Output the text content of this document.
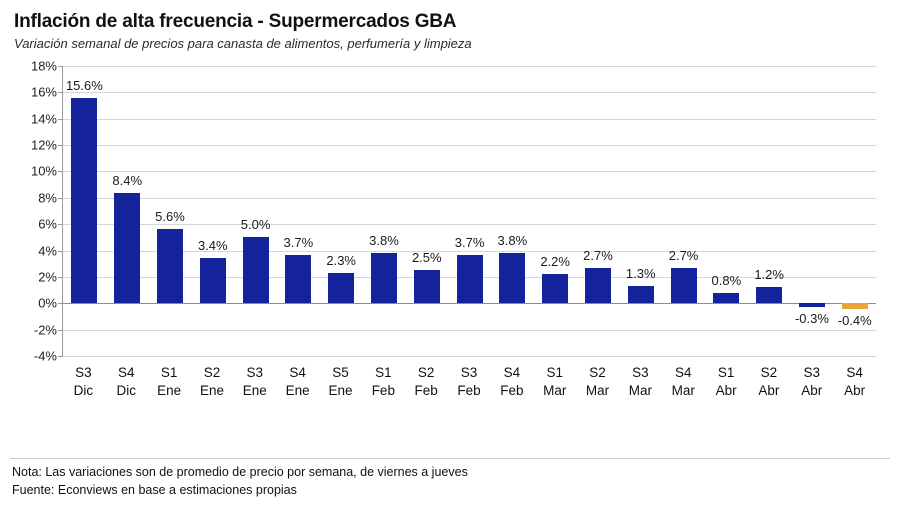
Inflación de alta frecuencia - Supermercados GBA
Variación semanal de precios para canasta de alimentos, perfumería y limpieza
18%
16%
14%
12%
10%
8%
6%
4%
2%
0%
-2%
-4%
15.6%
8.4%
5.6%
3.4%
5.0%
3.7%
2.3%
3.8%
2.5%
3.7% 3.8%
2.2% 2.7%
1.3%
2.7%
0.8% 1.2%
-0.3% -0.4%
S3
Dic
S4
Dic
S1
Ene
S2
Ene
S3
Ene
S4
Ene
S5
Ene
S1
Feb
S2
Feb
S3
Feb
S4
Feb
S1
Mar
S2
Mar
S3
Mar
S4
Mar
S1
Abr
S2
Abr
S3
Abr
S4
Abr
Nota: Las variaciones son de promedio de precio por semana, de viernes a jueves
Fuente: Econviews en base a estimaciones propias
